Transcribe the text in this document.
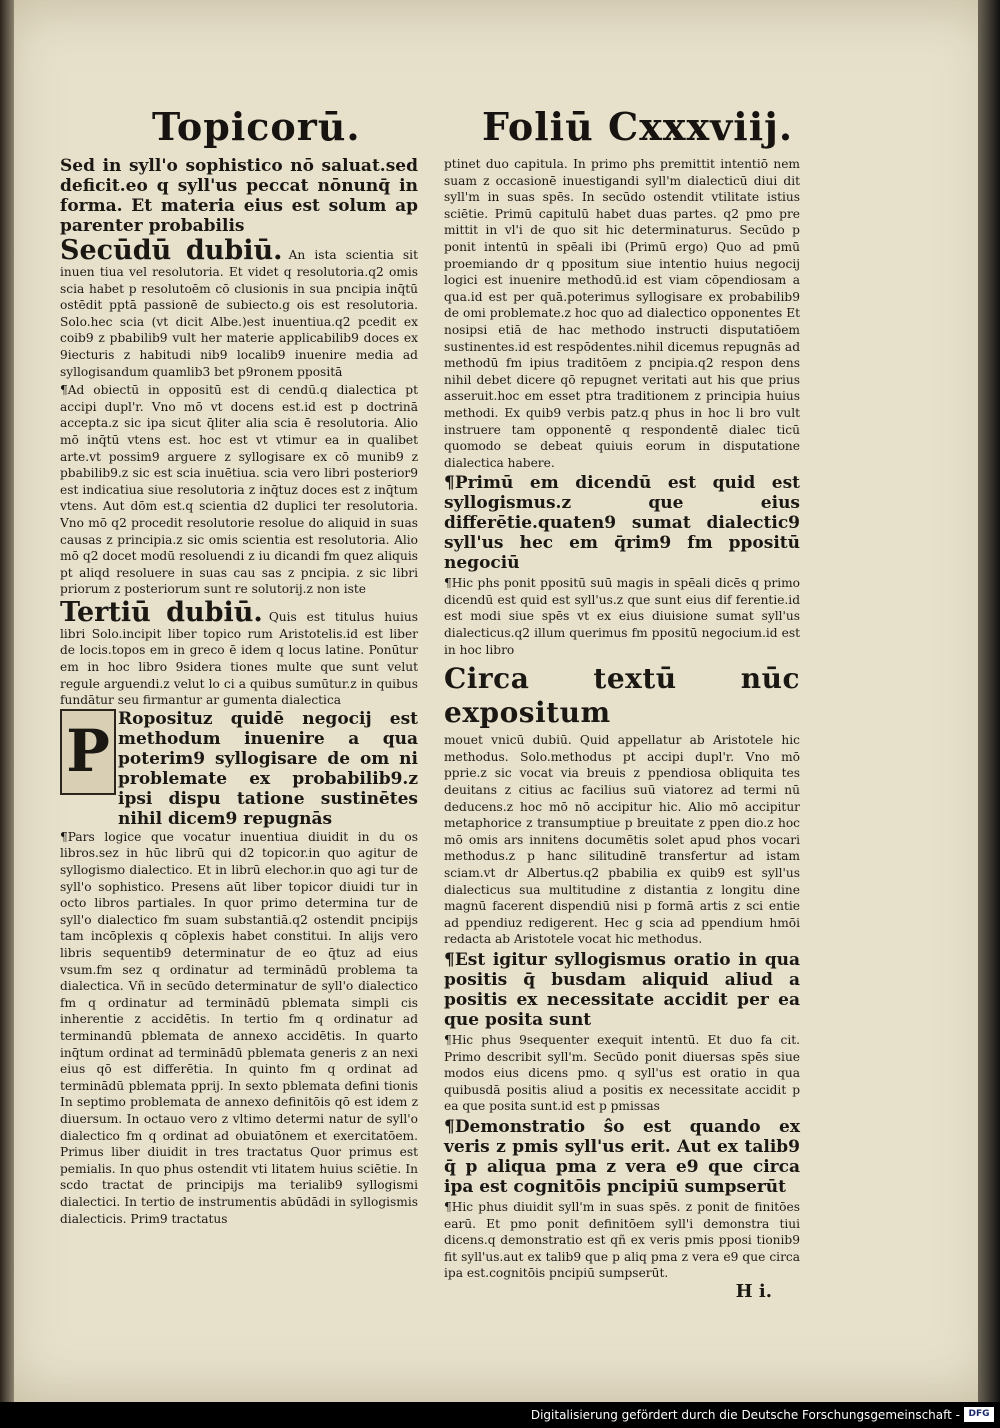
Topicorū.	Foliū Cxxxviij.

Sed in syll'o sophistico nō saluat.sed deficit.eo q syll'us peccat nōnunq̄ in forma. Et materia eius est solum ap parenter probabilis

Secūdū dubiū. An ista scientia sit inuen tiua vel resolutoria. Et videt q resolutoria.q2 omis scia habet p resolutoēm cō clusionis in sua pncipia inq̄tū ostēdit pptā passionē de subiecto.g ois est resolutoria. Solo.hec scia (vt dicit Albe.)est inuentiua.q2 pcedit ex coib9 z pbabilib9 vult her materie applicabilib9 doces ex 9iecturis z habitudi nib9 localib9 inuenire media ad syllogisandum quamlib3 bet p9ronem ppositā

¶Ad obiectū in oppositū est di cendū.q dialectica pt accipi dupl'r. Vno mō vt docens est.id est p doctrinā accepta.z sic ipa sicut q̄liter alia scia ē resolutoria. Alio mō inq̄tū vtens est. hoc est vt vtimur ea in qualibet arte.vt possim9 arguere z syllogisare ex cō munib9 z pbabilib9.z sic est scia inuētiua. scia vero libri posterior9 est indicatiua siue resolutoria z inq̄tuz doces est z inq̄tum vtens. Aut dōm est.q scientia d2 duplici ter resolutoria. Vno mō q2 procedit resolutorie resolue do aliquid in suas causas z principia.z sic omis scientia est resolutoria. Alio mō q2 docet modū resoluendi z iu dicandi fm quez aliquis pt aliqd resoluere in suas cau sas z pncipia. z sic libri priorum z posteriorum sunt re solutorij.z non iste

Tertiū dubiū. Quis est titulus huius libri Solo.incipit liber topico rum Aristotelis.id est liber de locis.topos em in greco ē idem q locus latine. Ponūtur em in hoc libro 9sidera tiones multe que sunt velut regule arguendi.z velut lo ci a quibus sumūtur.z in quibus fundātur seu firmantur ar gumenta dialectica

P Roposituz quidē negocij est methodum inuenire a qua poterim9 syllogisare de om ni problemate ex probabilib9.z ipsi dispu tatione sustinētes nihil dicem9 repugnās

¶Pars logice que vocatur inuentiua diuidit in du os libros.sez in hūc librū qui d2 topicor.in quo agitur de syllogismo dialectico. Et in librū elechor.in quo agi tur de syll'o sophistico. Presens aūt liber topicor diuidi tur in octo libros partiales. In quor primo determina tur de syll'o dialectico fm suam substantiā.q2 ostendit pncipijs tam incōplexis q cōplexis habet constitui. In alijs vero libris sequentib9 determinatur de eo q̄tuz ad eius vsum.fm sez q ordinatur ad terminādū problema ta dialectica. Vñ in secūdo determinatur de syll'o dialectico fm q ordinatur ad terminādū pblemata simpli cis inherentie z accidētis. In tertio fm q ordinatur ad terminandū pblemata de annexo accidētis. In quarto inq̄tum ordinat ad terminādū pblemata generis z an nexi eius qō est differētia. In quinto fm q ordinat ad terminādū pblemata pprij. In sexto pblemata defini tionis In septimo problemata de annexo definitōis qō est idem z diuersum. In octauo vero z vltimo determi natur de syll'o dialectico fm q ordinat ad obuiatōnem et exercitatōem. Primus liber diuidit in tres tractatus Quor primus est pemialis. In quo phus ostendit vti litatem huius sciētie. In scdo tractat de principijs ma terialib9 syllogismi dialectici. In tertio de instrumentis abūdādi in syllogismis dialecticis. Prim9 tractatus

ptinet duo capitula. In primo phs premittit intentiō nem suam z occasionē inuestigandi syll'm dialecticū diui dit syll'm in suas spēs. In secūdo ostendit vtilitate istius sciētie. Primū capitulū habet duas partes. q2 pmo pre mittit in vl'i de quo sit hic determinaturus. Secūdo p ponit intentū in spēali ibi (Primū ergo) Quo ad pmū proemiando dr q ppositum siue intentio huius negocij logici est inuenire methodū.id est viam cōpendiosam a qua.id est per quā.poterimus syllogisare ex probabilib9 de omi problemate.z hoc quo ad dialectico opponentes Et nosipsi etiā de hac methodo instructi disputatiōem sustinentes.id est respōdentes.nihil dicemus repugnās ad methodū fm ipius traditōem z pncipia.q2 respon dens nihil debet dicere qō repugnet veritati aut his que prius asseruit.hoc em esset ptra traditionem z principia huius methodi. Ex quib9 verbis patz.q phus in hoc li bro vult instruere tam opponentē q respondentē dialec ticū quomodo se debeat quiuis eorum in disputatione dialectica habere.

¶Primū em dicendū est quid est syllogismus.z que eius differētie.quaten9 sumat dialectic9 syll'us hec em q̄rim9 fm ppositū negociū

¶Hic phs ponit ppositū suū magis in spēali dicēs q primo dicendū est quid est syll'us.z que sunt eius dif ferentie.id est modi siue spēs vt ex eius diuisione sumat syll'us dialecticus.q2 illum querimus fm ppositū negocium.id est in hoc libro

Circa textū nūc expositum

mouet vnicū dubiū. Quid appellatur ab Aristotele hic methodus. Solo.methodus pt accipi dupl'r. Vno mō pprie.z sic vocat via breuis z ppendiosa obliquita tes deuitans z citius ac facilius suū viatorez ad termi nū deducens.z hoc mō nō accipitur hic. Alio mō accipitur metaphorice z transumptiue p breuitate z ppen dio.z hoc mō omis ars innitens documētis solet apud phos vocari methodus.z p hanc silitudinē transfertur ad istam sciam.vt dr Albertus.q2 pbabilia ex quib9 est syll'us dialecticus sua multitudine z distantia z longitu dine magnū facerent dispendiū nisi p formā artis z sci entie ad ppendiuz redigerent. Hec g scia ad ppendium hmōi redacta ab Aristotele vocat hic methodus.

¶Est igitur syllogismus oratio in qua positis q̄ busdam aliquid aliud a positis ex necessitate accidit per ea que posita sunt

¶Hic phus 9sequenter exequit intentū. Et duo fa cit. Primo describit syll'm. Secūdo ponit diuersas spēs siue modos eius dicens pmo. q syll'us est oratio in qua quibusdā positis aliud a positis ex necessitate accidit p ea que posita sunt.id est p pmissas

¶Demonstratio ŝo est quando ex veris z pmis syll'us erit. Aut ex talib9 q̄ p aliqua pma z vera e9 que circa ipa est cognitōis pncipiū sumpserūt

¶Hic phus diuidit syll'm in suas spēs. z ponit de finitōes earū. Et pmo ponit definitōem syll'i demonstra tiui dicens.q demonstratio est qñ ex veris pmis pposi tionib9 fit syll'us.aut ex talib9 que p aliq pma z vera e9 que circa ipa est.cognitōis pncipiū sumpserūt.

H i.
Digitalisierung gefördert durch die Deutsche Forschungsgemeinschaft - DFG
